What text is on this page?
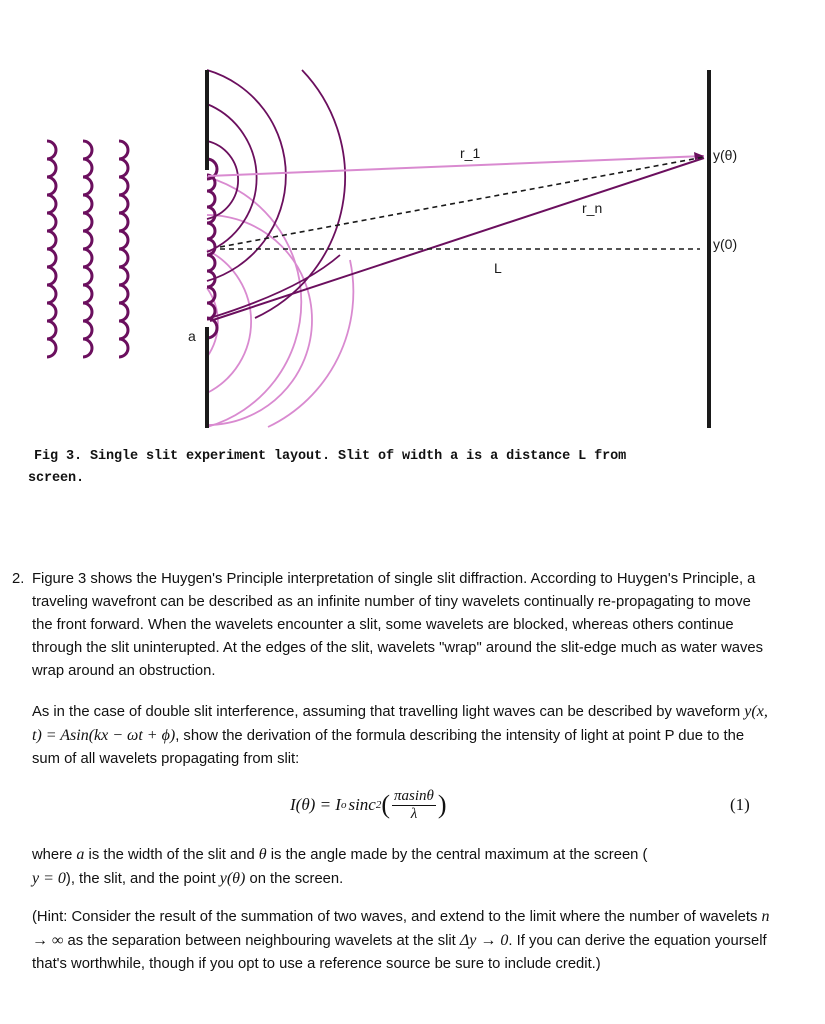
r_1
r_n
L
a
y(θ)
y(0)
Fig 3. Single slit experiment layout. Slit of width a is a distance L from
screen.
2. Figure 3 shows the Huygen's Principle interpretation of single slit diffraction. According to Huygen's Principle, a traveling wavefront can be described as an infinite number of tiny wavelets continually re-propagating to move the front forward. When the wavelets encounter a slit, some wavelets are blocked, whereas others continue through the slit uninterupted. At the edges of the slit, wavelets "wrap" around the slit-edge much as water waves wrap around an obstruction.
As in the case of double slit interference, assuming that travelling light waves can be described by waveform y(x, t) = Asin(kx − ωt + ϕ), show the derivation of the formula describing the intensity of light at point P due to the sum of all wavelets propagating from slit:
I(θ) = I o sinc 2 ( $\frac{\pi asin\theta}{\lambda}$ )	(1)
where a is the width of the slit and θ is the angle made by the central maximum at the screen (
y = 0), the slit, and the point y(θ) on the screen.
(Hint: Consider the result of the summation of two waves, and extend to the limit where the number of wavelets n → ∞ as the separation between neighbouring wavelets at the slit Δy → 0. If you can derive the equation yourself that's worthwhile, though if you opt to use a reference source be sure to include credit.)
